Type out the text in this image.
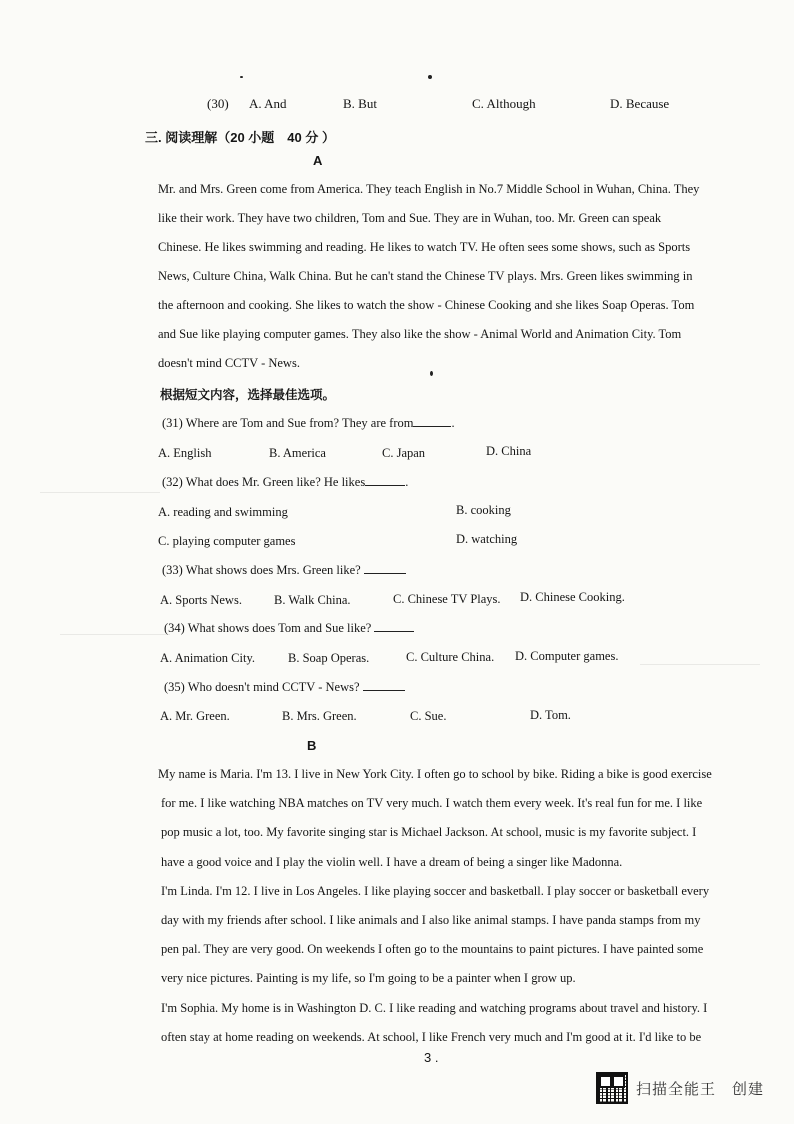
(30) A. And	B. But	C. Although	D. Because
三. 阅读理解（20 小题　40 分 ）
A
Mr. and Mrs. Green come from America. They teach English in No.7 Middle School in Wuhan, China. They
like their work. They have two children, Tom and Sue. They are in Wuhan, too. Mr. Green can speak
Chinese. He likes swimming and reading. He likes to watch TV. He often sees some shows, such as Sports
News, Culture China, Walk China. But he can't stand the Chinese TV plays. Mrs. Green likes swimming in
the afternoon and cooking. She likes to watch the show - Chinese Cooking and she likes Soap Operas. Tom
and Sue like playing computer games. They also like the show - Animal World and Animation City. Tom
doesn't mind CCTV - News.
根据短文内容，选择最佳选项。
(31) Where are Tom and Sue from? They are from	.
A. English	B. America	C. Japan	D. China
(32) What does Mr. Green like? He likes	.
A. reading and swimming	B. cooking
C. playing computer games	D. watching
(33) What shows does Mrs. Green like?
A. Sports News.	B. Walk China.	C. Chinese TV Plays. D. Chinese Cooking.
(34) What shows does Tom and Sue like?
A. Animation City.	B. Soap Operas.	C. Culture China. D. Computer games.
(35) Who doesn't mind CCTV - News?
A. Mr. Green.	B. Mrs. Green.	C. Sue.	D. Tom.
B
My name is Maria. I'm 13. I live in New York City. I often go to school by bike. Riding a bike is good exercise
for me. I like watching NBA matches on TV very much. I watch them every week. It's real fun for me. I like
pop music a lot, too. My favorite singing star is Michael Jackson. At school, music is my favorite subject. I
have a good voice and I play the violin well. I have a dream of being a singer like Madonna.
I'm Linda. I'm 12. I live in Los Angeles. I like playing soccer and basketball. I play soccer or basketball every
day with my friends after school. I like animals and I also like animal stamps. I have panda stamps from my
pen pal. They are very good. On weekends I often go to the mountains to paint pictures. I have painted some
very nice pictures. Painting is my life, so I'm going to be a painter when I grow up.
I'm Sophia. My home is in Washington D. C. I like reading and watching programs about travel and history. I
often stay at home reading on weekends. At school, I like French very much and I'm good at it. I'd like to be
3 .
扫描全能王　创建
